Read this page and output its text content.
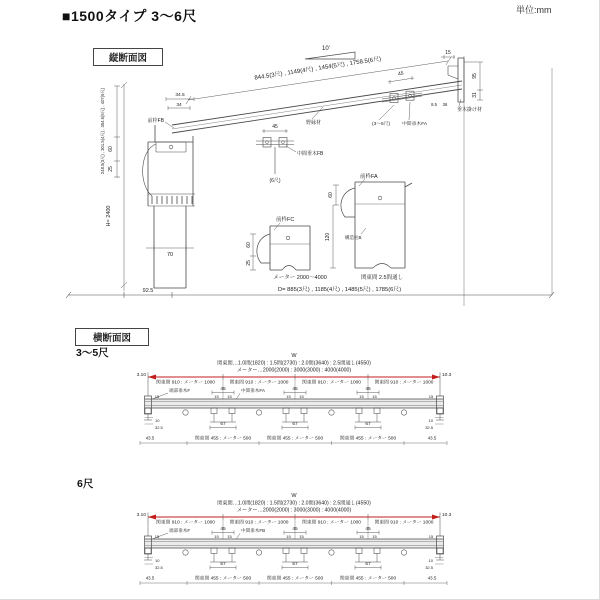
■1500タイプ 3〜6尺	単位:mm
縦断面図
10'
844.5(3尺) , 1149(4尺) , 1454(5尺) , 1758.5(6尺)
34.5
34
前枠FB
248.5(3尺) , 301.5(4尺) , 354.5(5尺) , 407(6尺) 60
25
H= 2400
70
92.5
45
中間垂木FB
(6尺)
野縁材
45
(3〜5尺) 中間垂木FA
15
95
31
8.5 36
垂木掛け材
前枠FA
60
120	構造柱B
関東間 2.5間通し
前枠FC
60
25
メーター 2000〜4000
D= 885(3尺) , 1185(4尺) , 1485(5尺) , 1785(6尺)
横断面図
3〜5尺	W
関東間…1.0間(1820) : 1.5間(2730) : 2.0間(3640) : 2.5間通し(4550)
メーター…2000(2000) : 3000(3000) : 4000(4000)
関東間 910 : メーター 1000	関東間 910 : メーター 1000	関東間 910 : メーター 1000	関東間 910 : メーター 1000
3.10	10.3
45	45	45
15 15	15 15	15 15
15	15
端部垂木F	中間垂木FA
10
32.5
10
32.5
67	67	67
関東間 455 : メーター 500	関東間 455 : メーター 500	関東間 455 : メーター 500
43.5	43.5
6尺
W
関東間…1.0間(1820) : 1.5間(2730) : 2.0間(3640) : 2.5間通し(4550)
メーター…2000(2000) : 3000(3000) : 4000(4000)
関東間 910 : メーター 1000	関東間 910 : メーター 1000	関東間 910 : メーター 1000	関東間 910 : メーター 1000
3.10	10.3
45	45	45
15 15	15 15	15 15
15	15
端部垂木F	中間垂木FB
10
32.5
10
32.5
67	67	67
関東間 455 : メーター 500	関東間 455 : メーター 500	関東間 455 : メーター 500
43.5	43.5
